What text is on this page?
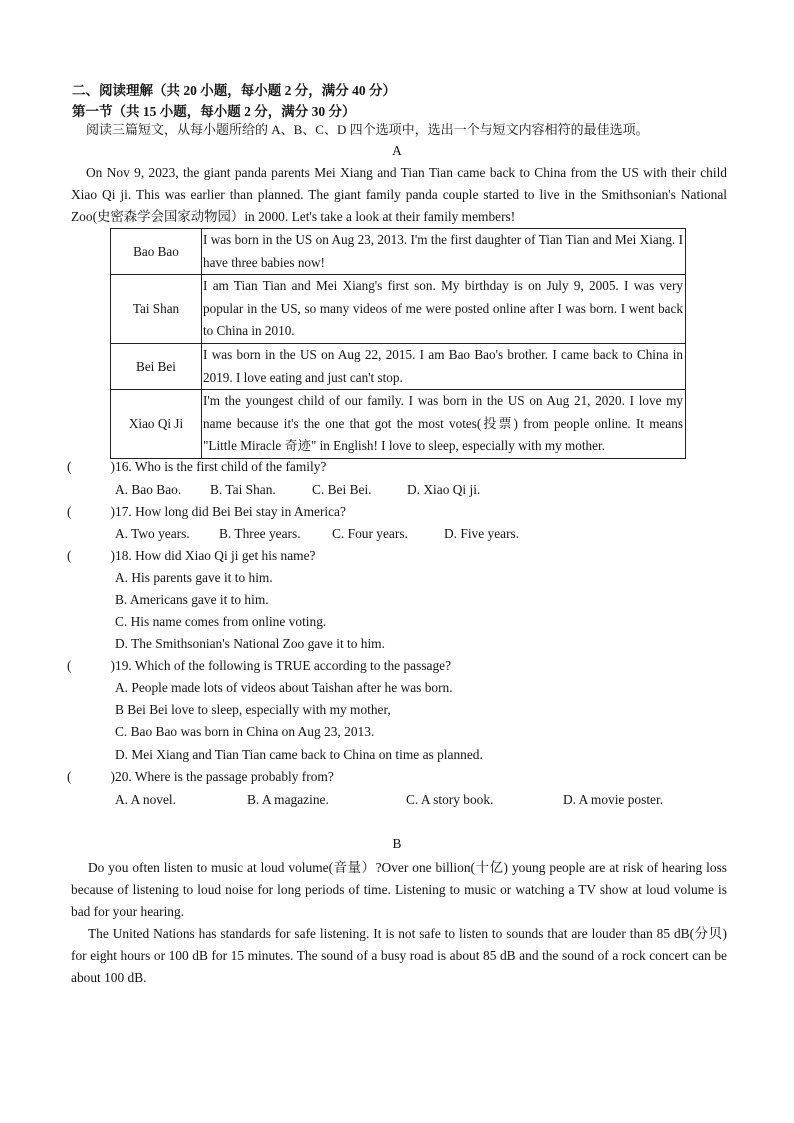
二、阅读理解（共 20 小题，每小题 2 分，满分 40 分）
第一节（共 15 小题，每小题 2 分，满分 30 分）
阅读三篇短文，从每小题所给的 A、B、C、D 四个选项中，选出一个与短文内容相符的最佳选项。
A
On Nov 9, 2023, the giant panda parents Mei Xiang and Tian Tian came back to China from the US with their child Xiao Qi ji. This was earlier than planned. The giant family panda couple started to live in the Smithsonian's National Zoo(史密森学会国家动物园）in 2000. Let's take a look at their family members!
Bao Bao	I was born in the US on Aug 23, 2013. I'm the first daughter of Tian Tian and Mei Xiang. I have three babies now!
Tai Shan	I am Tian Tian and Mei Xiang's first son. My birthday is on July 9, 2005. I was very popular in the US, so many videos of me were posted online after I was born. I went back to China in 2010.
Bei Bei	I was born in the US on Aug 22, 2015. I am Bao Bao's brother. I came back to China in 2019. I love eating and just can't stop.
Xiao Qi Ji	I'm the youngest child of our family. I was born in the US on Aug 21, 2020. I love my name because it's the one that got the most votes(投票) from people online. It means "Little Miracle 奇迹" in English! I love to sleep, especially with my mother.
(	)16. Who is the first child of the family?
A. Bao Bao. B. Tai Shan.	C. Bei Bei.	D. Xiao Qi ji.
(	)17. How long did Bei Bei stay in America?
A. Two years. B. Three years. C. Four years.	D. Five years.
(	)18. How did Xiao Qi ji get his name?
A. His parents gave it to him.
B. Americans gave it to him.
C. His name comes from online voting.
D. The Smithsonian's National Zoo gave it to him.
(	)19. Which of the following is TRUE according to the passage?
A. People made lots of videos about Taishan after he was born.
B Bei Bei love to sleep, especially with my mother,
C. Bao Bao was born in China on Aug 23, 2013.
D. Mei Xiang and Tian Tian came back to China on time as planned.
(	)20. Where is the passage probably from?
A. A novel.	B. A magazine.	C. A story book.	D. A movie poster.
B
Do you often listen to music at loud volume(音量）?Over one billion(十亿) young people are at risk of hearing loss because of listening to loud noise for long periods of time. Listening to music or watching a TV show at loud volume is bad for your hearing.
The United Nations has standards for safe listening. It is not safe to listen to sounds that are louder than 85 dB(分贝) for eight hours or 100 dB for 15 minutes. The sound of a busy road is about 85 dB and the sound of a rock concert can be about 100 dB.
